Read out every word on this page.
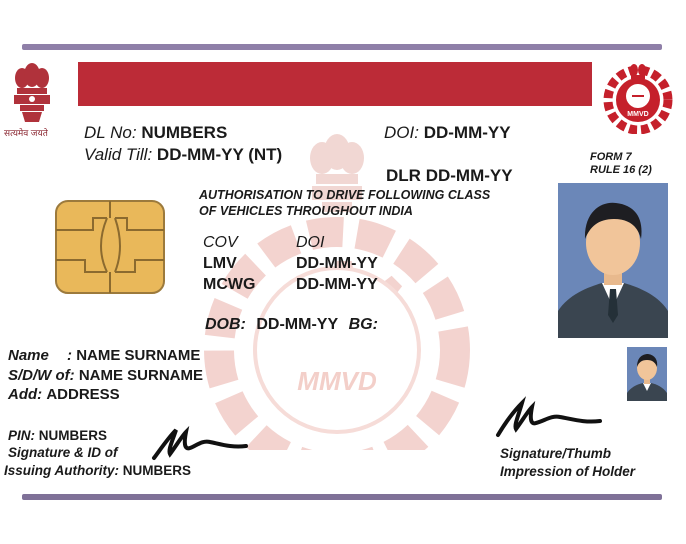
MMVD
सत्यमेव जयते
MMVD
DL No: NUMBERS
Valid Till: DD-MM-YY (NT)
DOI: DD-MM-YY
DLR DD-MM-YY
FORM 7
RULE 16 (2)
AUTHORISATION TO DRIVE FOLLOWING CLASS
OF VEHICLES THROUGHOUT INDIA
COV	DOI
LMV	DD-MM-YY
MCWG	DD-MM-YY
DOB: DD-MM-YY BG:
Name : NAME SURNAME
S/D/W of: NAME SURNAME
Add: ADDRESS
PIN: NUMBERS
Signature & ID of
Issuing Authority: NUMBERS
Signature/Thumb
Impression of Holder
